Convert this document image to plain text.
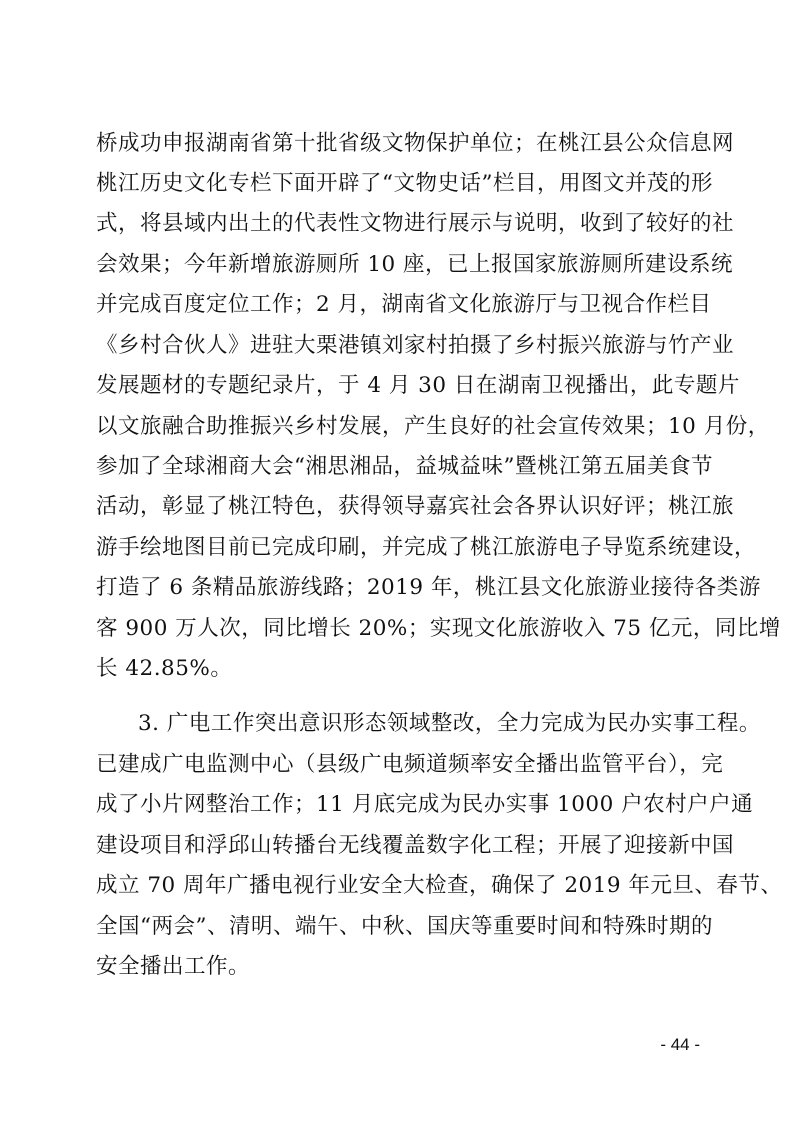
桥成功申报湖南省第十批省级文物保护单位；在桃江县公众信息网
桃江历史文化专栏下面开辟了“文物史话”栏目，用图文并茂的形
式，将县域内出土的代表性文物进行展示与说明，收到了较好的社
会效果；今年新增旅游厕所 10 座，已上报国家旅游厕所建设系统
并完成百度定位工作；2 月，湖南省文化旅游厅与卫视合作栏目
《乡村合伙人》进驻大栗港镇刘家村拍摄了乡村振兴旅游与竹产业
发展题材的专题纪录片，于 4 月 30 日在湖南卫视播出，此专题片
以文旅融合助推振兴乡村发展，产生良好的社会宣传效果；10 月份，
参加了全球湘商大会“湘思湘品，益城益味”暨桃江第五届美食节
活动，彰显了桃江特色，获得领导嘉宾社会各界认识好评；桃江旅
游手绘地图目前已完成印刷，并完成了桃江旅游电子导览系统建设，
打造了 6 条精品旅游线路；2019 年，桃江县文化旅游业接待各类游
客 900 万人次，同比增长 20%；实现文化旅游收入 75 亿元，同比增
长 42.85%。
3. 广电工作突出意识形态领域整改，全力完成为民办实事工程。
已建成广电监测中心（县级广电频道频率安全播出监管平台），完
成了小片网整治工作；11 月底完成为民办实事 1000 户农村户户通
建设项目和浮邱山转播台无线覆盖数字化工程；开展了迎接新中国
成立 70 周年广播电视行业安全大检查，确保了 2019 年元旦、春节、
全国“两会”、清明、端午、中秋、国庆等重要时间和特殊时期的
安全播出工作。
- 44 -
